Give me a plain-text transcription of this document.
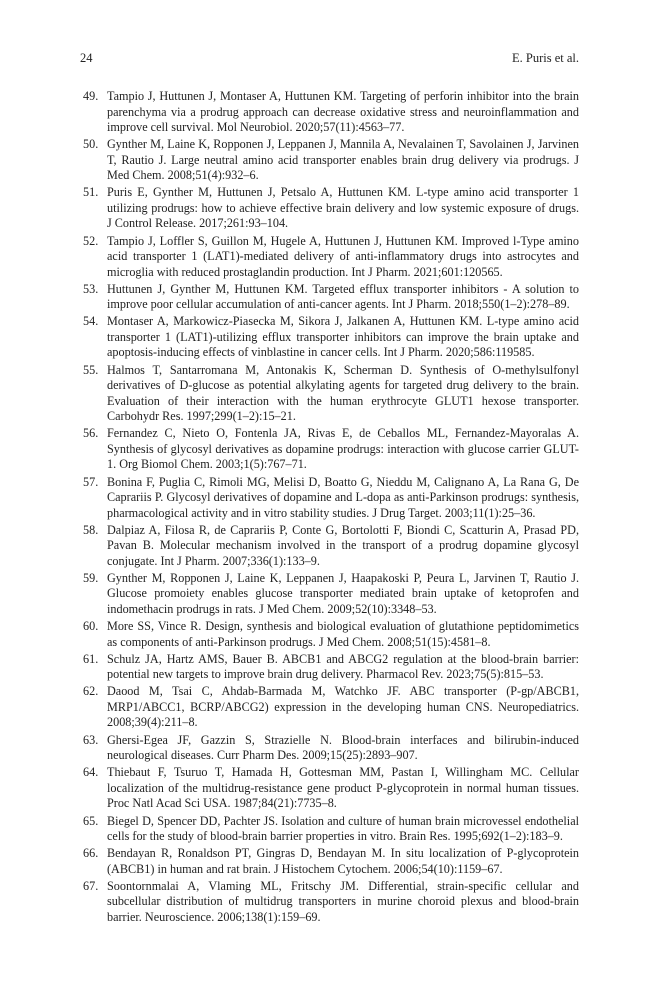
24	E. Puris et al.
49. Tampio J, Huttunen J, Montaser A, Huttunen KM. Targeting of perforin inhibitor into the brain parenchyma via a prodrug approach can decrease oxidative stress and neuroinflammation and improve cell survival. Mol Neurobiol. 2020;57(11):4563–77.
50. Gynther M, Laine K, Ropponen J, Leppanen J, Mannila A, Nevalainen T, Savolainen J, Jarvinen T, Rautio J. Large neutral amino acid transporter enables brain drug delivery via prodrugs. J Med Chem. 2008;51(4):932–6.
51. Puris E, Gynther M, Huttunen J, Petsalo A, Huttunen KM. L-type amino acid transporter 1 utilizing prodrugs: how to achieve effective brain delivery and low systemic exposure of drugs. J Control Release. 2017;261:93–104.
52. Tampio J, Loffler S, Guillon M, Hugele A, Huttunen J, Huttunen KM. Improved l-Type amino acid transporter 1 (LAT1)-mediated delivery of anti-inflammatory drugs into astrocytes and microglia with reduced prostaglandin production. Int J Pharm. 2021;601:120565.
53. Huttunen J, Gynther M, Huttunen KM. Targeted efflux transporter inhibitors - A solution to improve poor cellular accumulation of anti-cancer agents. Int J Pharm. 2018;550(1–2):278–89.
54. Montaser A, Markowicz-Piasecka M, Sikora J, Jalkanen A, Huttunen KM. L-type amino acid transporter 1 (LAT1)-utilizing efflux transporter inhibitors can improve the brain uptake and apoptosis-inducing effects of vinblastine in cancer cells. Int J Pharm. 2020;586:119585.
55. Halmos T, Santarromana M, Antonakis K, Scherman D. Synthesis of O-methylsulfonyl derivatives of D-glucose as potential alkylating agents for targeted drug delivery to the brain. Evaluation of their interaction with the human erythrocyte GLUT1 hexose transporter. Carbohydr Res. 1997;299(1–2):15–21.
56. Fernandez C, Nieto O, Fontenla JA, Rivas E, de Ceballos ML, Fernandez-Mayoralas A. Synthesis of glycosyl derivatives as dopamine prodrugs: interaction with glucose carrier GLUT-1. Org Biomol Chem. 2003;1(5):767–71.
57. Bonina F, Puglia C, Rimoli MG, Melisi D, Boatto G, Nieddu M, Calignano A, La Rana G, De Caprariis P. Glycosyl derivatives of dopamine and L-dopa as anti-Parkinson prodrugs: synthesis, pharmacological activity and in vitro stability studies. J Drug Target. 2003;11(1):25–36.
58. Dalpiaz A, Filosa R, de Caprariis P, Conte G, Bortolotti F, Biondi C, Scatturin A, Prasad PD, Pavan B. Molecular mechanism involved in the transport of a prodrug dopamine glycosyl conjugate. Int J Pharm. 2007;336(1):133–9.
59. Gynther M, Ropponen J, Laine K, Leppanen J, Haapakoski P, Peura L, Jarvinen T, Rautio J. Glucose promoiety enables glucose transporter mediated brain uptake of ketoprofen and indomethacin prodrugs in rats. J Med Chem. 2009;52(10):3348–53.
60. More SS, Vince R. Design, synthesis and biological evaluation of glutathione peptidomimetics as components of anti-Parkinson prodrugs. J Med Chem. 2008;51(15):4581–8.
61. Schulz JA, Hartz AMS, Bauer B. ABCB1 and ABCG2 regulation at the blood-brain barrier: potential new targets to improve brain drug delivery. Pharmacol Rev. 2023;75(5):815–53.
62. Daood M, Tsai C, Ahdab-Barmada M, Watchko JF. ABC transporter (P-gp/ABCB1, MRP1/ABCC1, BCRP/ABCG2) expression in the developing human CNS. Neuropediatrics. 2008;39(4):211–8.
63. Ghersi-Egea JF, Gazzin S, Strazielle N. Blood-brain interfaces and bilirubin-induced neurological diseases. Curr Pharm Des. 2009;15(25):2893–907.
64. Thiebaut F, Tsuruo T, Hamada H, Gottesman MM, Pastan I, Willingham MC. Cellular localization of the multidrug-resistance gene product P-glycoprotein in normal human tissues. Proc Natl Acad Sci USA. 1987;84(21):7735–8.
65. Biegel D, Spencer DD, Pachter JS. Isolation and culture of human brain microvessel endothelial cells for the study of blood-brain barrier properties in vitro. Brain Res. 1995;692(1–2):183–9.
66. Bendayan R, Ronaldson PT, Gingras D, Bendayan M. In situ localization of P-glycoprotein (ABCB1) in human and rat brain. J Histochem Cytochem. 2006;54(10):1159–67.
67. Soontornmalai A, Vlaming ML, Fritschy JM. Differential, strain-specific cellular and subcellular distribution of multidrug transporters in murine choroid plexus and blood-brain barrier. Neuroscience. 2006;138(1):159–69.
